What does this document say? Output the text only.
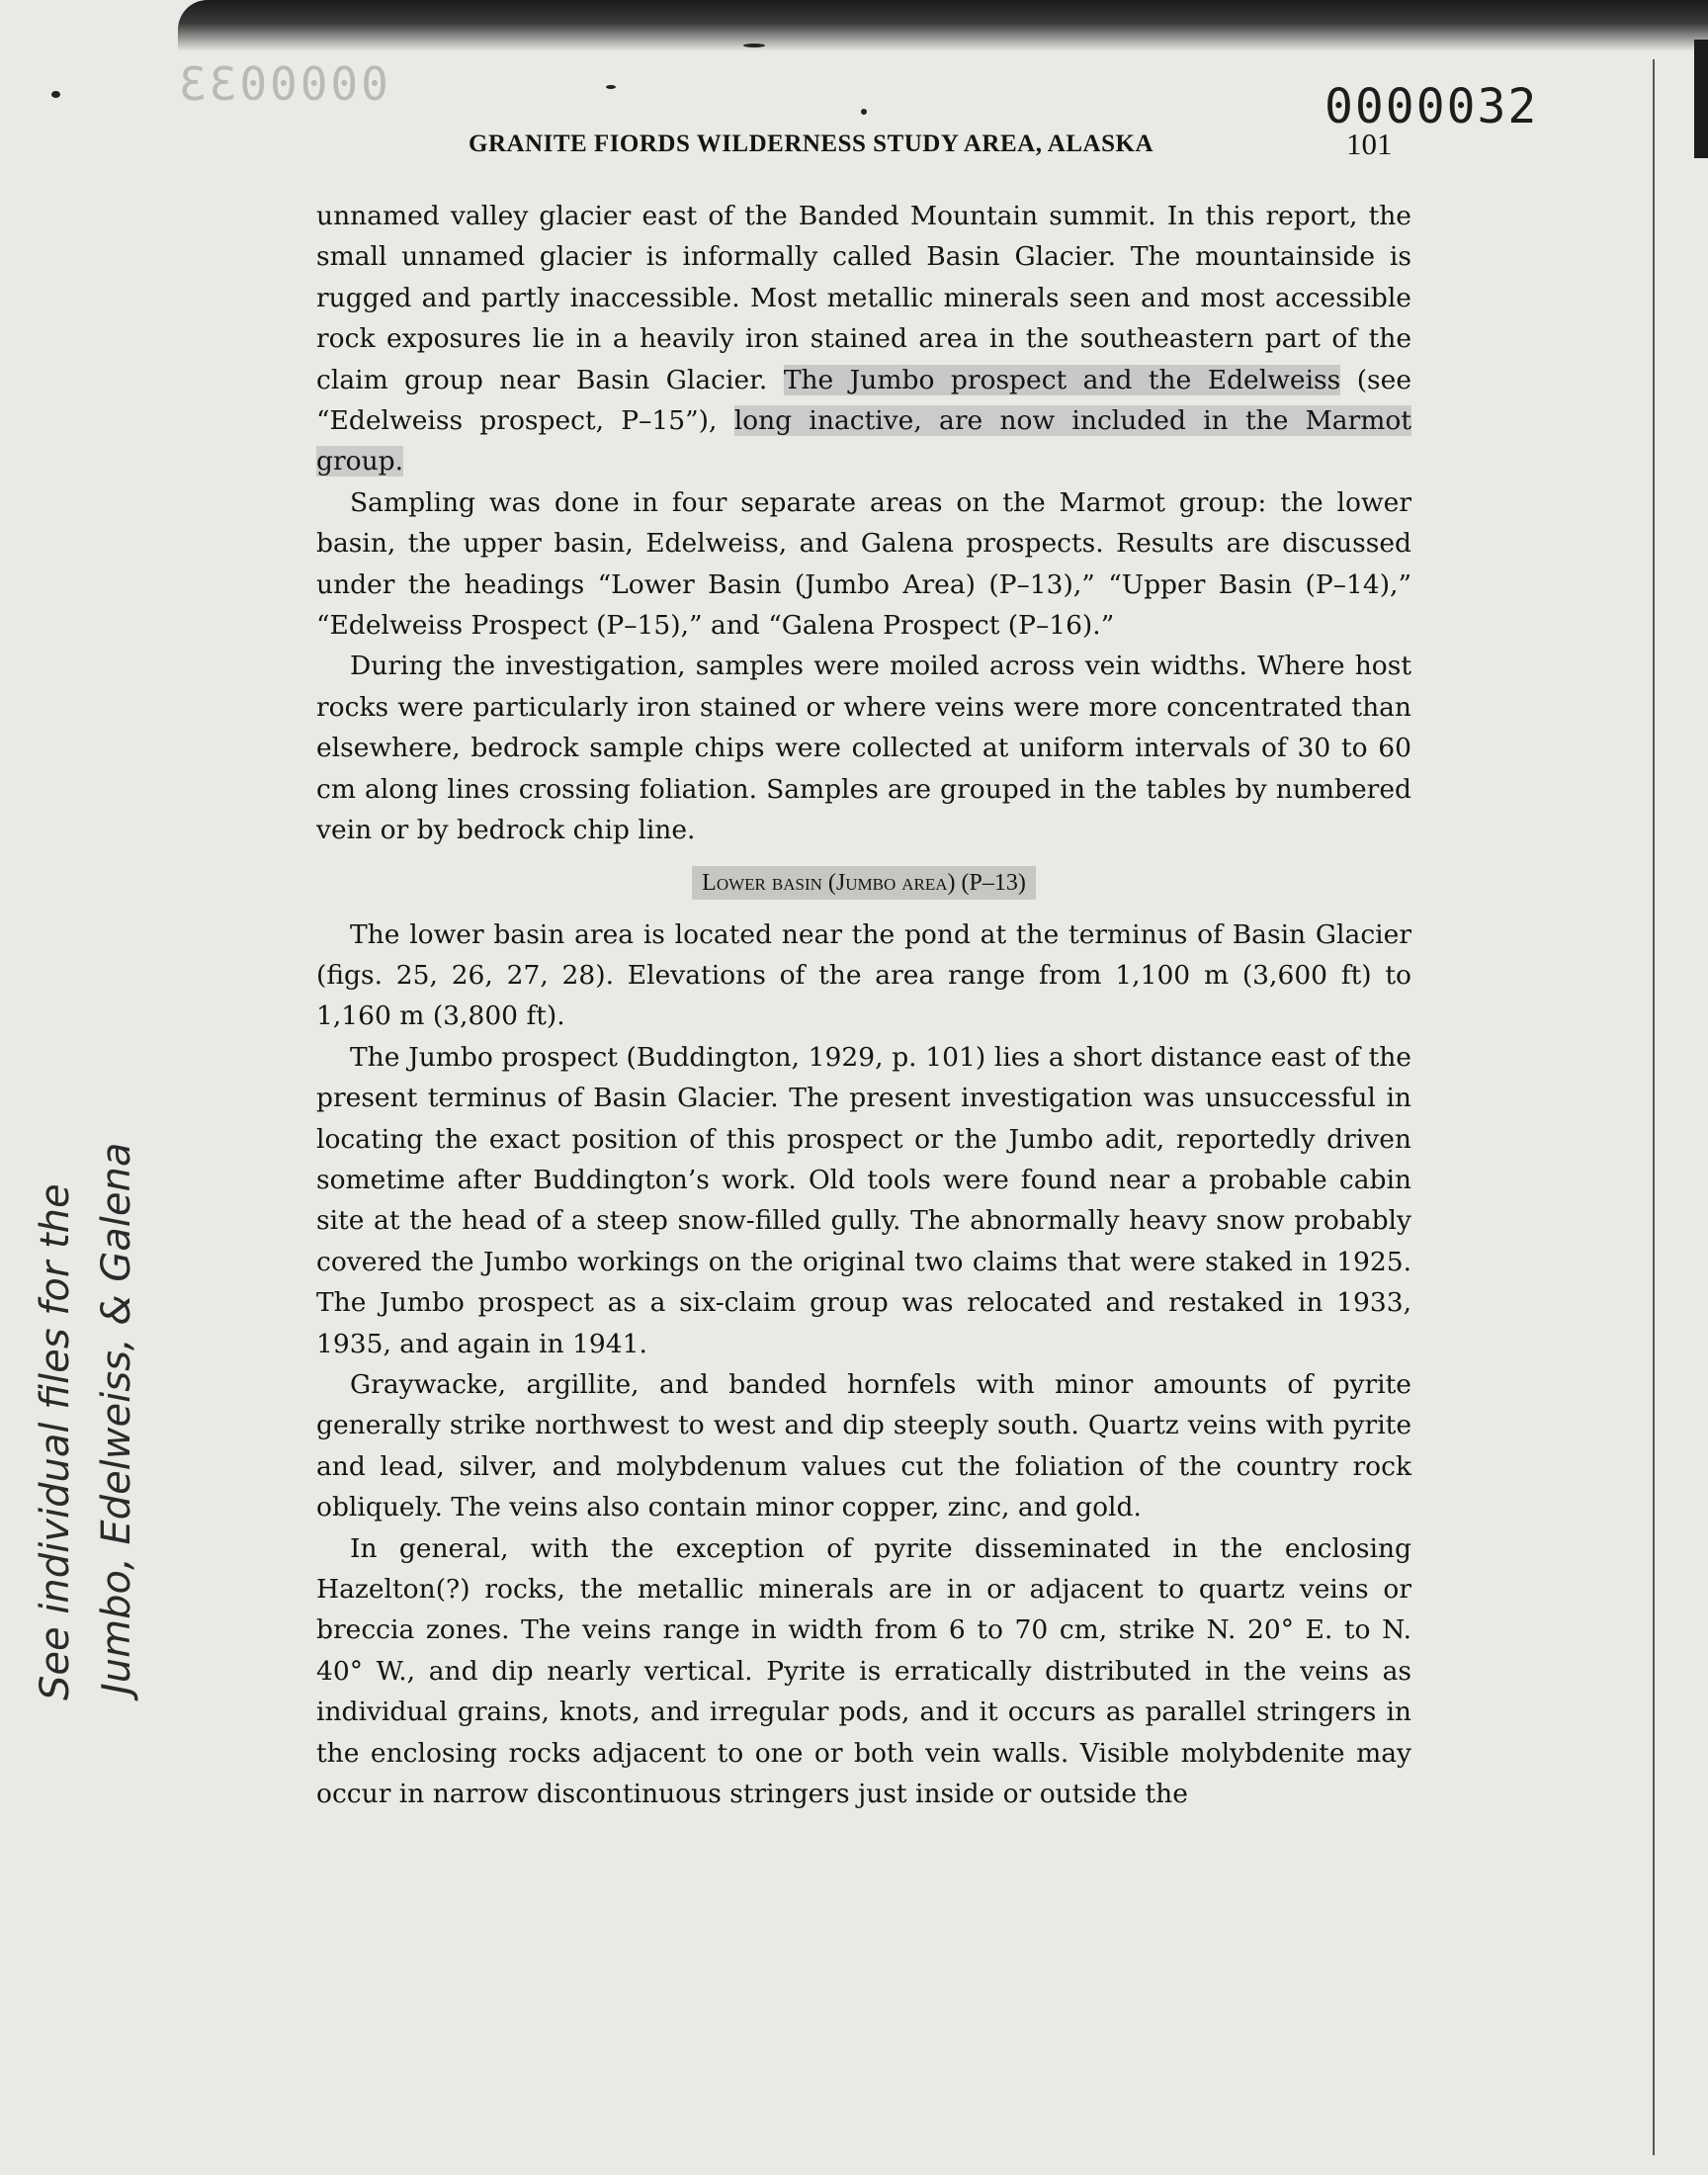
0000033	0000032
GRANITE FIORDS WILDERNESS STUDY AREA, ALASKA	101

unnamed valley glacier east of the Banded Mountain summit. In this report, the small unnamed glacier is informally called Basin Glacier. The mountainside is rugged and partly inaccessible. Most metallic minerals seen and most accessible rock exposures lie in a heavily iron stained area in the southeastern part of the claim group near Basin Glacier. The Jumbo prospect and the Edelweiss (see “Edelweiss prospect, P–15”), long inactive, are now included in the Marmot group.

Sampling was done in four separate areas on the Marmot group: the lower basin, the upper basin, Edelweiss, and Galena prospects. Results are discussed under the headings “Lower Basin (Jumbo Area) (P–13),” “Upper Basin (P–14),” “Edelweiss Prospect (P–15),” and “Galena Prospect (P–16).”

During the investigation, samples were moiled across vein widths. Where host rocks were particularly iron stained or where veins were more concentrated than elsewhere, bedrock sample chips were collected at uniform intervals of 30 to 60 cm along lines crossing foliation. Samples are grouped in the tables by numbered vein or by bedrock chip line.

Lower basin (Jumbo area) (P–13)

The lower basin area is located near the pond at the terminus of Basin Glacier (figs. 25, 26, 27, 28). Elevations of the area range from 1,100 m (3,600 ft) to 1,160 m (3,800 ft).

The Jumbo prospect (Buddington, 1929, p. 101) lies a short distance east of the present terminus of Basin Glacier. The present investigation was unsuccessful in locating the exact position of this prospect or the Jumbo adit, reportedly driven sometime after Buddington’s work. Old tools were found near a probable cabin site at the head of a steep snow-filled gully. The abnormally heavy snow probably covered the Jumbo workings on the original two claims that were staked in 1925. The Jumbo prospect as a six-claim group was relocated and restaked in 1933, 1935, and again in 1941.

Graywacke, argillite, and banded hornfels with minor amounts of pyrite generally strike northwest to west and dip steeply south. Quartz veins with pyrite and lead, silver, and molybdenum values cut the foliation of the country rock obliquely. The veins also contain minor copper, zinc, and gold.

In general, with the exception of pyrite disseminated in the enclosing Hazelton(?) rocks, the metallic minerals are in or adjacent to quartz veins or breccia zones. The veins range in width from 6 to 70 cm, strike N. 20° E. to N. 40° W., and dip nearly vertical. Pyrite is erratically distributed in the veins as individual grains, knots, and irregular pods, and it occurs as parallel stringers in the enclosing rocks adjacent to one or both vein walls. Visible molybdenite may occur in narrow discontinuous stringers just inside or outside the

See individual files for the Jumbo, Edelweiss, & Galena
